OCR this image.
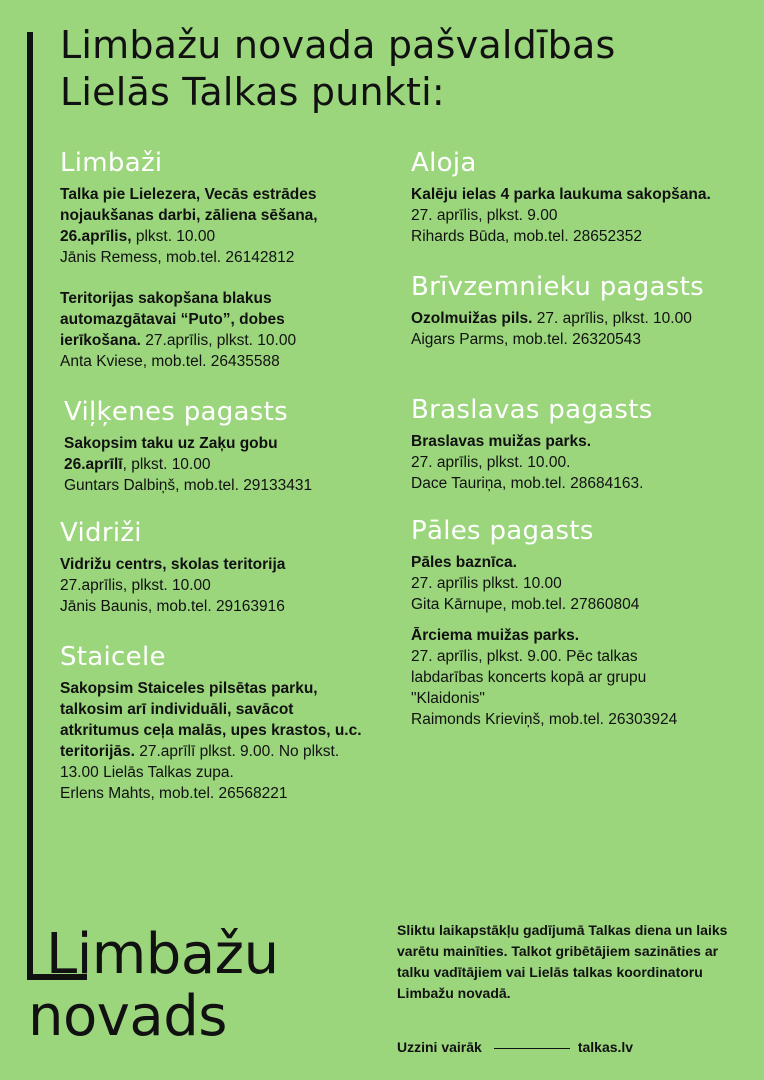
Limbažu novada pašvaldības
Lielās Talkas punkti:
Limbaži

Talka pie Lielezera, Vecās estrādes nojaukšanas darbi, zāliena sēšana, 26.aprīlis, plkst. 10.00

Jānis Remess, mob.tel. 26142812

Teritorijas sakopšana blakus automazgātavai “Puto”, dobes ierīkošana. 27.aprīlis, plkst. 10.00

Anta Kviese, mob.tel. 26435588

Viļķenes pagasts

Sakopsim taku uz Zaķu gobu 26.aprīlī, plkst. 10.00

Guntars Dalbiņš, mob.tel. 29133431

Vidriži

Vidrižu centrs, skolas teritorija

27.aprīlis, plkst. 10.00

Jānis Baunis, mob.tel. 29163916

Staicele

Sakopsim Staiceles pilsētas parku, talkosim arī individuāli, savācot atkritumus ceļa malās, upes krastos, u.c. teritorijās. 27.aprīlī plkst. 9.00. No plkst. 13.00 Lielās Talkas zupa.

Erlens Mahts, mob.tel. 26568221

Aloja

Kalēju ielas 4 parka laukuma sakopšana. 27. aprīlis, plkst. 9.00

Rihards Būda, mob.tel. 28652352

Brīvzemnieku pagasts

Ozolmuižas pils. 27. aprīlis, plkst. 10.00

Aigars Parms, mob.tel. 26320543

Braslavas pagasts

Braslavas muižas parks.

27. aprīlis, plkst. 10.00.

Dace Tauriņa, mob.tel. 28684163.

Pāles pagasts

Pāles baznīca.

27. aprīlis plkst. 10.00

Gita Kārnupe, mob.tel. 27860804

Ārciema muižas parks.

27. aprīlis, plkst. 9.00. Pēc talkas labdarības koncerts kopā ar grupu "Klaidonis"

Raimonds Krieviņš, mob.tel. 26303924

Limbažu
novads
Sliktu laikapstākļu gadījumā Talkas diena un laiks varētu mainīties. Talkot gribētājiem sazināties ar talku vadītājiem vai Lielās talkas koordinatoru Limbažu novadā.
Uzzini vairāk	talkas.lv
